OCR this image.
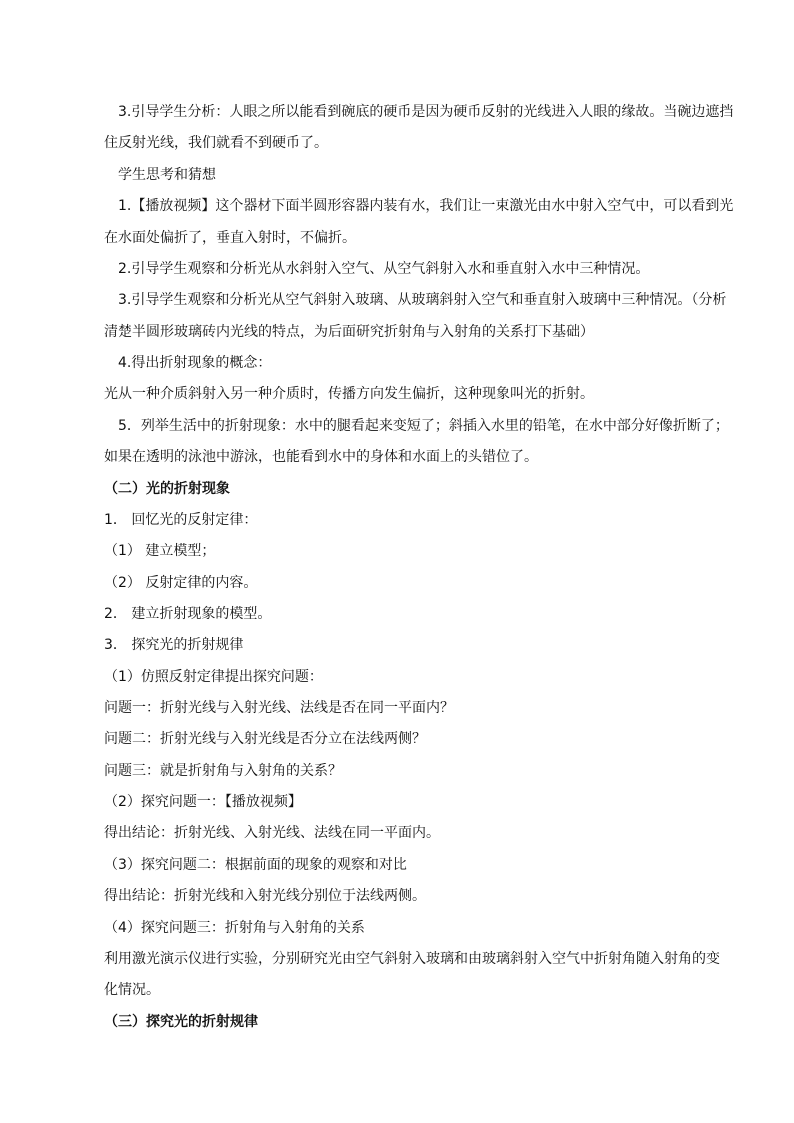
3.引导学生分析：人眼之所以能看到碗底的硬币是因为硬币反射的光线进入人眼的缘故。当碗边遮挡
住反射光线，我们就看不到硬币了。
学生思考和猜想
1.【播放视频】这个器材下面半圆形容器内装有水，我们让一束激光由水中射入空气中，可以看到光
在水面处偏折了，垂直入射时，不偏折。
2.引导学生观察和分析光从水斜射入空气、从空气斜射入水和垂直射入水中三种情况。
3.引导学生观察和分析光从空气斜射入玻璃、从玻璃斜射入空气和垂直射入玻璃中三种情况。（分析
清楚半圆形玻璃砖内光线的特点，为后面研究折射角与入射角的关系打下基础）
4.得出折射现象的概念：
光从一种介质斜射入另一种介质时，传播方向发生偏折，这种现象叫光的折射。
5．列举生活中的折射现象：水中的腿看起来变短了；斜插入水里的铅笔，在水中部分好像折断了；
如果在透明的泳池中游泳，也能看到水中的身体和水面上的头错位了。
（二）光的折射现象
1． 回忆光的反射定律：
（1） 建立模型；
（2） 反射定律的内容。
2． 建立折射现象的模型。
3． 探究光的折射规律
（1）仿照反射定律提出探究问题：
问题一：折射光线与入射光线、法线是否在同一平面内？
问题二：折射光线与入射光线是否分立在法线两侧？
问题三：就是折射角与入射角的关系？
（2）探究问题一：【播放视频】
得出结论：折射光线、入射光线、法线在同一平面内。
（3）探究问题二：根据前面的现象的观察和对比
得出结论：折射光线和入射光线分别位于法线两侧。
（4）探究问题三：折射角与入射角的关系
利用激光演示仪进行实验，分别研究光由空气斜射入玻璃和由玻璃斜射入空气中折射角随入射角的变
化情况。
（三）探究光的折射规律
